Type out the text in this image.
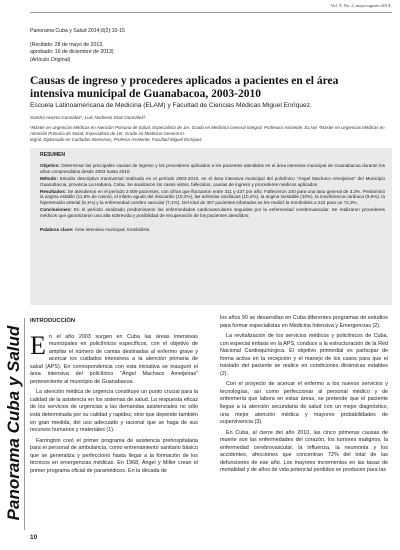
Vol. 9, No. 2, mayo-agosto 2014
Panorama Cuba y Salud 2014;9(2):10-15
(Recibido: 28 de mayo de 2013,
aprobado: 16 de diciembre de 2013)
(Artículo Original)
Causas de ingreso y procederes aplicados a pacientes en el área
intensiva municipal de Guanabacoa, 2003-2010
Escuela Latinoamericana de Medicina (ELAM) y Facultad de Ciencias Médicas Miguel Enríquez.
Sandra Huerta González¹, Luis Norberto Díaz González².
¹Máster en Urgencias Médicas en Atención Primaria de Salud, Especialista de 1er. Grado en Medicina General Integral, Profesora Asistente, ELAM. ²Máster en Urgencias Médicas en Atención Primaria de Salud, Especialista de 1er. Grado en Medicina General In-
tegral, Diplomado en Cuidados Intensivos, Profesor Asistente, Facultad Miguel Enríquez
RESUMEN

Objetivo: Determinar las principales causas de ingreso y los procederes aplicados a los pacientes atendidos en el área intensiva municipal de Guanabacoa durante los años comprendidos desde 2003 hasta 2010.

Método: Estudio descriptivo transversal realizado en el período 2003-2010, en el área intensiva municipal del policlínico "Ángel Machaco Ameijeiras" del Municipio Guanabacoa, provincia La Habana, Cuba. Se analizaron los casos vistos, fallecidos, causas de ingreso y procederes médicos aplicados.

Resultados: Se atendieron en el período 3 009 pacientes, con cifras que fluctuaron entre 311 y 437 por año. Fallecieron 100 para una tasa general de 3,3%. Predominó la angina estable (11,6% de casos), el infarto agudo del miocardio (10,2%), las arritmias cardíacas (10,2%), la angina inestable (10%), la insuficiencia cardíaca (9,6%), la hipertensión arterial (9,1%) y la enfermedad cerebro vascular (7,1%). Del total de 307 pacientes infartados se les realizó la trombolisis a 222 para un 72,3%.

Conclusiones: En el período analizado predominaron las enfermedades cardiovasculares seguidas por la enfermedad cerebrovascular. Se realizaron procederes médicos que garantizaron una alta sobrevida y posibilidad de recuperación de los pacientes atendidos.

Palabras clave: Área intensiva municipal, trombolisis.
Panorama Cuba y Salud
INTRODUCCIÓN

En el año 2003 surgen en Cuba las áreas intensivas municipales en policlínicos específicos, con el objetivo de ampliar el número de camas destinadas al enfermo grave y acercar los cuidados intensivos a la atención primaria de salud (APS). En correspondencia con esta iniciativa se inauguró el área intensiva del policlínico "Ángel Machaco Ameijeiras" perteneciente al municipio de Guanabacoa.

La atención médica de urgencia constituye un punto crucial para la calidad de la asistencia en los sistemas de salud. La respuesta eficaz de los servicios de urgencias a las demandas asistenciales no sólo está determinada por su calidad y rapidez, sino que depende también en gran medida, del uso adecuado y racional que se haga de sus recursos humanos y materiales (1).

Farrington creó el primer programa de asistencia prehospitalaria para el personal de ambulancia, como entrenamiento sanitario básico que se generaliza y perfeccionó hasta llegar a la formación de los técnicos en emergencias médicas. En 1968, Ángel y Miller crean el primer programa oficial de paramédicos. En la década de

los años 90 se desarrollan en Cuba diferentes programas de estudios para formar especialistas en Medicina Intensiva y Emergencias (2).

La revitalización de los servicios médicos y policlínicos de Cuba, con especial énfasis en la APS, conduce a la estructuración de la Red Nacional Cardioquirúrgica. El objetivo primordial es participar de forma activa en la recepción y el manejo de los casos para que el traslado del paciente se realice en condiciones dinámicas estables (2).

Con el proyecto de acercar el enfermo a los nuevos servicios y tecnologías, así como perfeccionar al personal médico y de enfermería que labora en estas áreas, se pretende que el paciente llegue a la atención secundaria de salud con un mejor diagnóstico, una mejor atención médica y mayores probabilidades de supervivencia (3).

En Cuba, al cierre del año 2010, las cinco primeras causas de muerte son las enfermedades del corazón, los tumores malignos, la enfermedad cerebrovascular, la influenza, la neumonía y los accidentes, afecciones que concentran 72% del total de las defunciones de ese año. Los mayores incrementos en las tasas de mortalidad y de años de vida potencial perdidos se producen para las

10
